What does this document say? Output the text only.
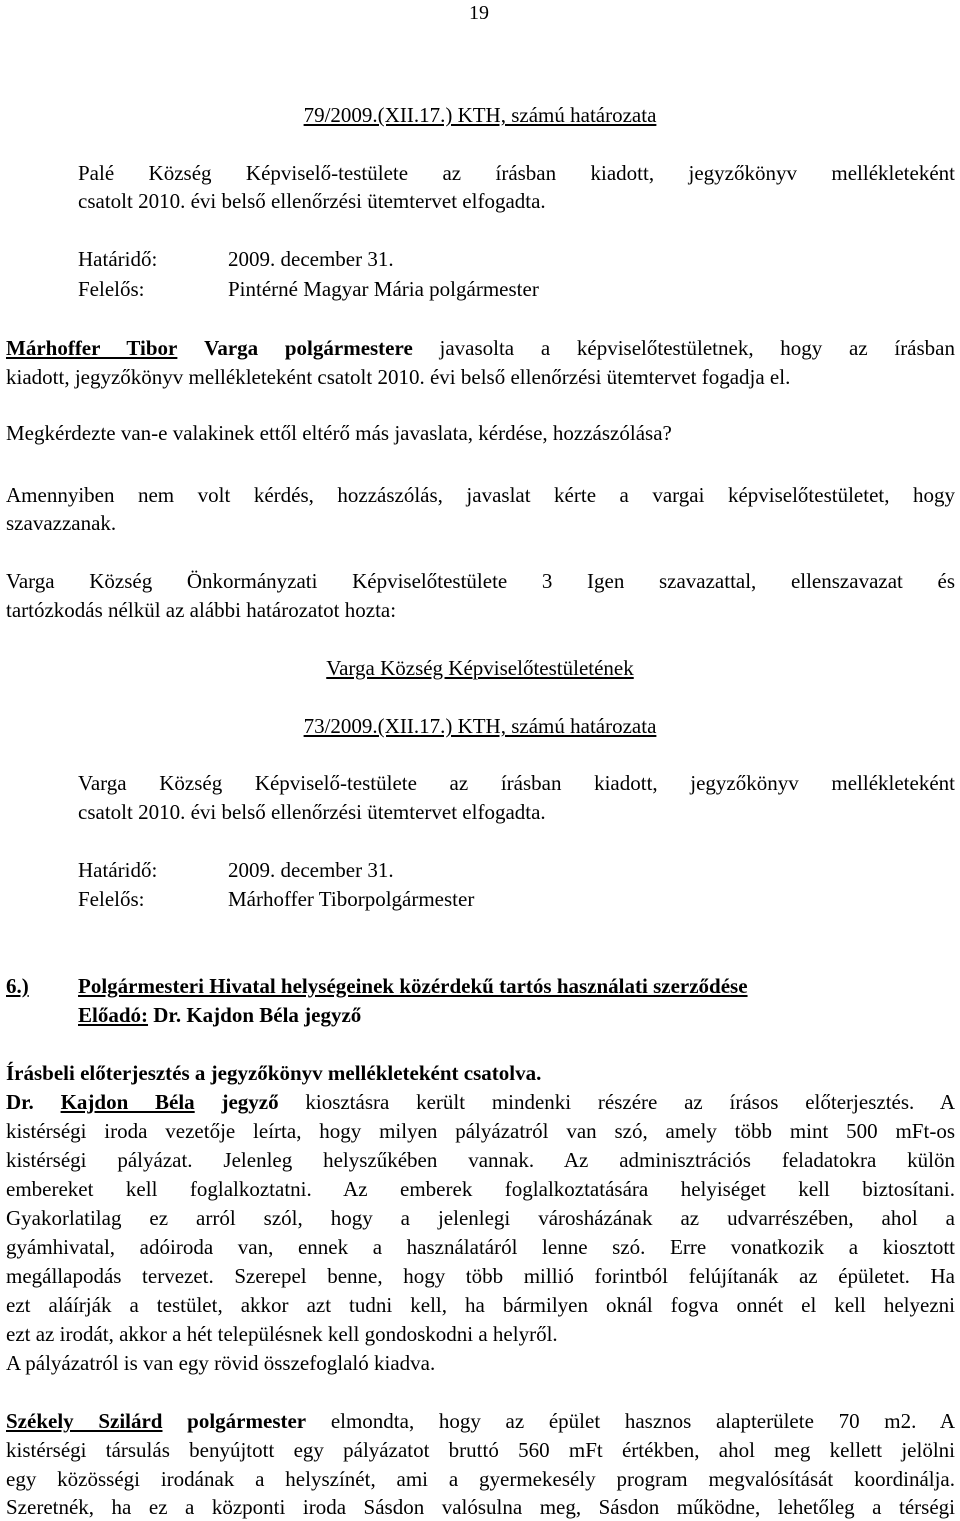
19
79/2009.(XII.17.) KTH, számú határozata
Palé Község Képviselő-testülete az írásban kiadott, jegyzőkönyv mellékleteként
csatolt 2010. évi belső ellenőrzési ütemtervet elfogadta.
Határidő:	2009. december 31.
Felelős:	Pintérné Magyar Mária polgármester
Márhoffer Tibor Varga polgármestere javasolta a képviselőtestületnek, hogy az írásban
kiadott, jegyzőkönyv mellékleteként csatolt 2010. évi belső ellenőrzési ütemtervet fogadja el.
Megkérdezte van-e valakinek ettől eltérő más javaslata, kérdése, hozzászólása?
Amennyiben nem volt kérdés, hozzászólás, javaslat kérte a vargai képviselőtestületet, hogy
szavazzanak.
Varga Község Önkormányzati Képviselőtestülete 3 Igen szavazattal, ellenszavazat és
tartózkodás nélkül az alábbi határozatot hozta:
Varga Község Képviselőtestületének
73/2009.(XII.17.) KTH, számú határozata
Varga Község Képviselő-testülete az írásban kiadott, jegyzőkönyv mellékleteként
csatolt 2010. évi belső ellenőrzési ütemtervet elfogadta.
Határidő:	2009. december 31.
Felelős:	Márhoffer Tiborpolgármester
6.) Polgármesteri Hivatal helységeinek közérdekű tartós használati szerződése
Előadó: Dr. Kajdon Béla jegyző
Írásbeli előterjesztés a jegyzőkönyv mellékleteként csatolva.
Dr. Kajdon Béla jegyző kiosztásra került mindenki részére az írásos előterjesztés. A
kistérségi iroda vezetője leírta, hogy milyen pályázatról van szó, amely több mint 500 mFt-os
kistérségi pályázat. Jelenleg helyszűkében vannak. Az adminisztrációs feladatokra külön
embereket kell foglalkoztatni. Az emberek foglalkoztatására helyiséget kell biztosítani.
Gyakorlatilag ez arról szól, hogy a jelenlegi városházának az udvarrészében, ahol a
gyámhivatal, adóiroda van, ennek a használatáról lenne szó. Erre vonatkozik a kiosztott
megállapodás tervezet. Szerepel benne, hogy több millió forintból felújítanák az épületet. Ha
ezt aláírják a testület, akkor azt tudni kell, ha bármilyen oknál fogva onnét el kell helyezni
ezt az irodát, akkor a hét településnek kell gondoskodni a helyről.
A pályázatról is van egy rövid összefoglaló kiadva.
Székely Szilárd polgármester elmondta, hogy az épület hasznos alapterülete 70 m2. A
kistérségi társulás benyújtott egy pályázatot bruttó 560 mFt értékben, ahol meg kellett jelölni
egy közösségi irodának a helyszínét, ami a gyermekesély program megvalósítását koordinálja.
Szeretnék, ha ez a központi iroda Sásdon valósulna meg, Sásdon működne, lehetőleg a térségi
